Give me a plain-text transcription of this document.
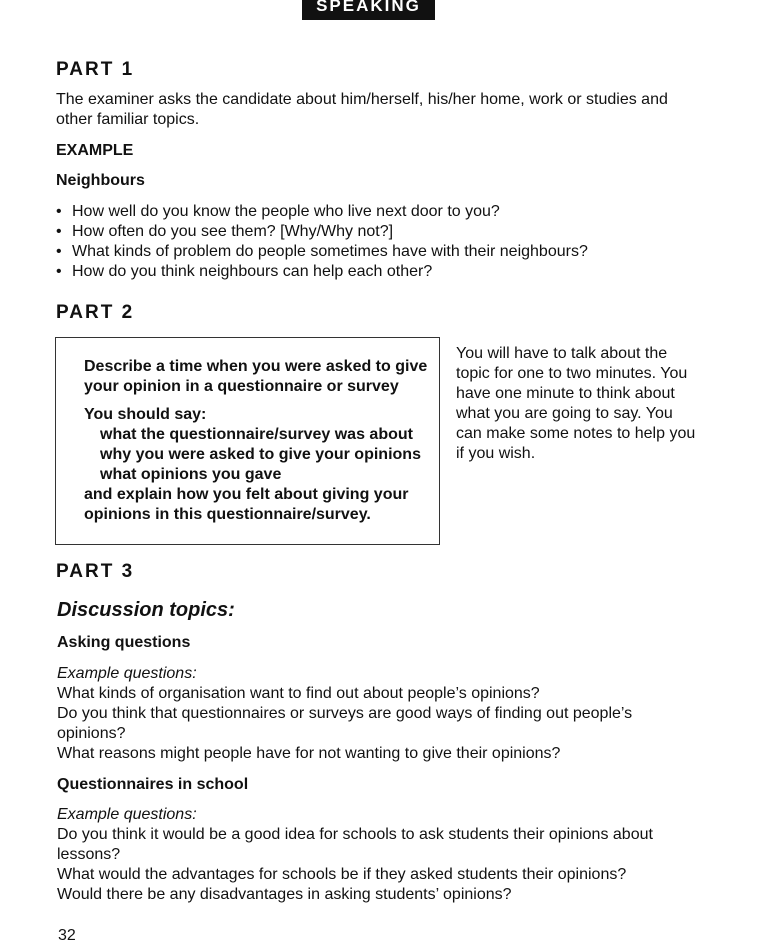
SPEAKING
PART 1
The examiner asks the candidate about him/herself, his/her home, work or studies and other familiar topics.
EXAMPLE
Neighbours
• How well do you know the people who live next door to you?
• How often do you see them? [Why/Why not?]
• What kinds of problem do people sometimes have with their neighbours?
• How do you think neighbours can help each other?
PART 2
Describe a time when you were asked to give your opinion in a questionnaire or survey
You should say:
what the questionnaire/survey was about
why you were asked to give your opinions
what opinions you gave
and explain how you felt about giving your opinions in this questionnaire/survey.
You will have to talk about the topic for one to two minutes. You have one minute to think about what you are going to say. You can make some notes to help you if you wish.
PART 3
Discussion topics:
Asking questions
Example questions:
What kinds of organisation want to find out about people’s opinions?
Do you think that questionnaires or surveys are good ways of finding out people’s opinions?
What reasons might people have for not wanting to give their opinions?
Questionnaires in school
Example questions:
Do you think it would be a good idea for schools to ask students their opinions about lessons?
What would the advantages for schools be if they asked students their opinions?
Would there be any disadvantages in asking students’ opinions?
32
